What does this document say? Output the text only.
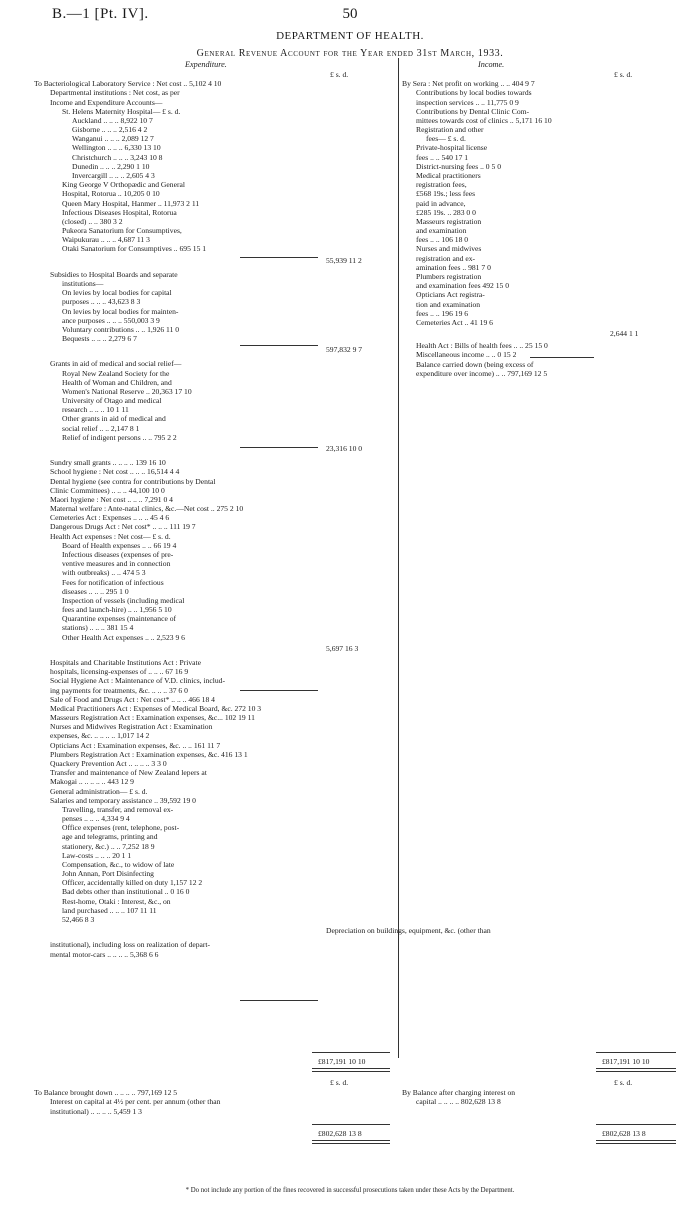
B.—1 [Pt. IV].	50
DEPARTMENT OF HEALTH.
General Revenue Account for the Year ended 31st March, 1933.
Expenditure.	Income.
£ s. d.
To Bacteriological Laboratory Service : Net cost .. 5,102 4 10
Departmental institutions : Net cost, as per
Income and Expenditure Accounts—
St. Helens Maternity Hospital— £ s. d.
Auckland .. .. .. 8,922 10 7
Gisborne .. .. .. 2,516 4 2
Wanganui .. .. .. 2,089 12 7
Wellington .. .. .. 6,330 13 10
Christchurch .. .. .. 3,243 10 8
Dunedin .. .. .. 2,290 1 10
Invercargill .. .. .. 2,605 4 3
King George V Orthopædic and General
Hospital, Rotorua .. 10,205 0 10
Queen Mary Hospital, Hanmer .. 11,973 2 11
Infectious Diseases Hospital, Rotorua
(closed) .. .. 380 3 2
Pukeora Sanatorium for Consumptives,
Waipukurau .. .. .. 4,687 11 3
Otaki Sanatorium for Consumptives .. 695 15 1
55,939 11 2
Subsidies to Hospital Boards and separate
institutions—
On levies by local bodies for capital
purposes .. .. .. 43,623 8 3
On levies by local bodies for mainten-
ance purposes .. .. .. 550,003 3 9
Voluntary contributions .. .. 1,926 11 0
Bequests .. .. .. 2,279 6 7
597,832 9 7
Grants in aid of medical and social relief—
Royal New Zealand Society for the
Health of Woman and Children, and
Women's National Reserve .. 20,363 17 10
University of Otago and medical
research .. .. .. 10 1 11
Other grants in aid of medical and
social relief .. .. 2,147 8 1
Relief of indigent persons .. .. 795 2 2
23,316 10 0
Sundry small grants .. .. .. .. 139 16 10
School hygiene : Net cost .. .. .. 16,514 4 4
Dental hygiene (see contra for contributions by Dental
Clinic Committees) .. .. .. 44,100 10 0
Maori hygiene : Net cost .. .. .. 7,291 0 4
Maternal welfare : Ante-natal clinics, &c.—Net cost .. 275 2 10
Cemeteries Act : Expenses .. .. .. 45 4 6
Dangerous Drugs Act : Net cost* .. .. .. 111 19 7
Health Act expenses : Net cost— £ s. d.
Board of Health expenses .. .. 66 19 4
Infectious diseases (expenses of pre-
ventive measures and in connection
with outbreaks) .. .. 474 5 3
Fees for notification of infectious
diseases .. .. .. 295 1 0
Inspection of vessels (including medical
fees and launch-hire) .. .. 1,956 5 10
Quarantine expenses (maintenance of
stations) .. .. .. 381 15 4
Other Health Act expenses .. .. 2,523 9 6
5,697 16 3
Hospitals and Charitable Institutions Act : Private
hospitals, licensing-expenses of .. .. .. 67 16 9
Social Hygiene Act : Maintenance of V.D. clinics, includ-
ing payments for treatments, &c. .. .. .. 37 6 0
Sale of Food and Drugs Act : Net cost* .. .. .. 466 18 4
Medical Practitioners Act : Expenses of Medical Board, &c. 272 10 3
Masseurs Registration Act : Examination expenses, &c... 102 19 11
Nurses and Midwives Registration Act : Examination
expenses, &c. .. .. .. .. 1,017 14 2
Opticians Act : Examination expenses, &c. .. .. 161 11 7
Plumbers Registration Act : Examination expenses, &c. 416 13 1
Quackery Prevention Act .. .. .. .. 3 3 0
Transfer and maintenance of New Zealand lepers at
Makogai .. .. .. .. .. 443 12 9
General administration— £ s. d.
Salaries and temporary assistance .. 39,592 19 0
Travelling, transfer, and removal ex-
penses .. .. .. 4,334 9 4
Office expenses (rent, telephone, post-
age and telegrams, printing and
stationery, &c.) .. .. 7,252 18 9
Law-costs .. .. .. 20 1 1
Compensation, &c., to widow of late
John Annan, Port Disinfecting
Officer, accidentally killed on duty 1,157 12 2
Bad debts other than institutional .. 0 16 0
Rest-home, Otaki : Interest, &c., on
land purchased .. .. .. 107 11 11
52,466 8 3
Depreciation on buildings, equipment, &c. (other than
institutional), including loss on realization of depart-
mental motor-cars .. .. .. .. 5,368 6 6
£ s. d.
By Sera : Net profit on working .. .. 404 9 7
Contributions by local bodies towards
inspection services .. .. 11,775 0 9
Contributions by Dental Clinic Com-
mittees towards cost of clinics .. 5,171 16 10
Registration and other
fees— £ s. d.
Private-hospital license
fees .. .. 540 17 1
District-nursing fees .. 0 5 0
Medical practitioners
registration fees,
£568 19s.; less fees
paid in advance,
£285 19s. .. 283 0 0
Masseurs registration
and examination
fees .. .. 106 18 0
Nurses and midwives
registration and ex-
amination fees .. 981 7 0
Plumbers registration
and examination fees 492 15 0
Opticians Act registra-
tion and examination
fees .. .. 196 19 6
Cemeteries Act .. 41 19 6
2,644 1 1
Health Act : Bills of health fees .. .. 25 15 0
Miscellaneous income .. .. 0 15 2
Balance carried down (being excess of
expenditure over income) .. .. 797,169 12 5
£ s. d.
To Balance brought down .. .. .. .. 797,169 12 5
Interest on capital at 4½ per cent. per annum (other than
institutional) .. .. .. .. 5,459 1 3
£ s. d.
By Balance after charging interest on
capital .. .. .. .. 802,628 13 8
* Do not include any portion of the fines recovered in successful prosecutions taken under these Acts by the Department.
£817,191 10 10	£817,191 10 10
£802,628 13 8	£802,628 13 8
